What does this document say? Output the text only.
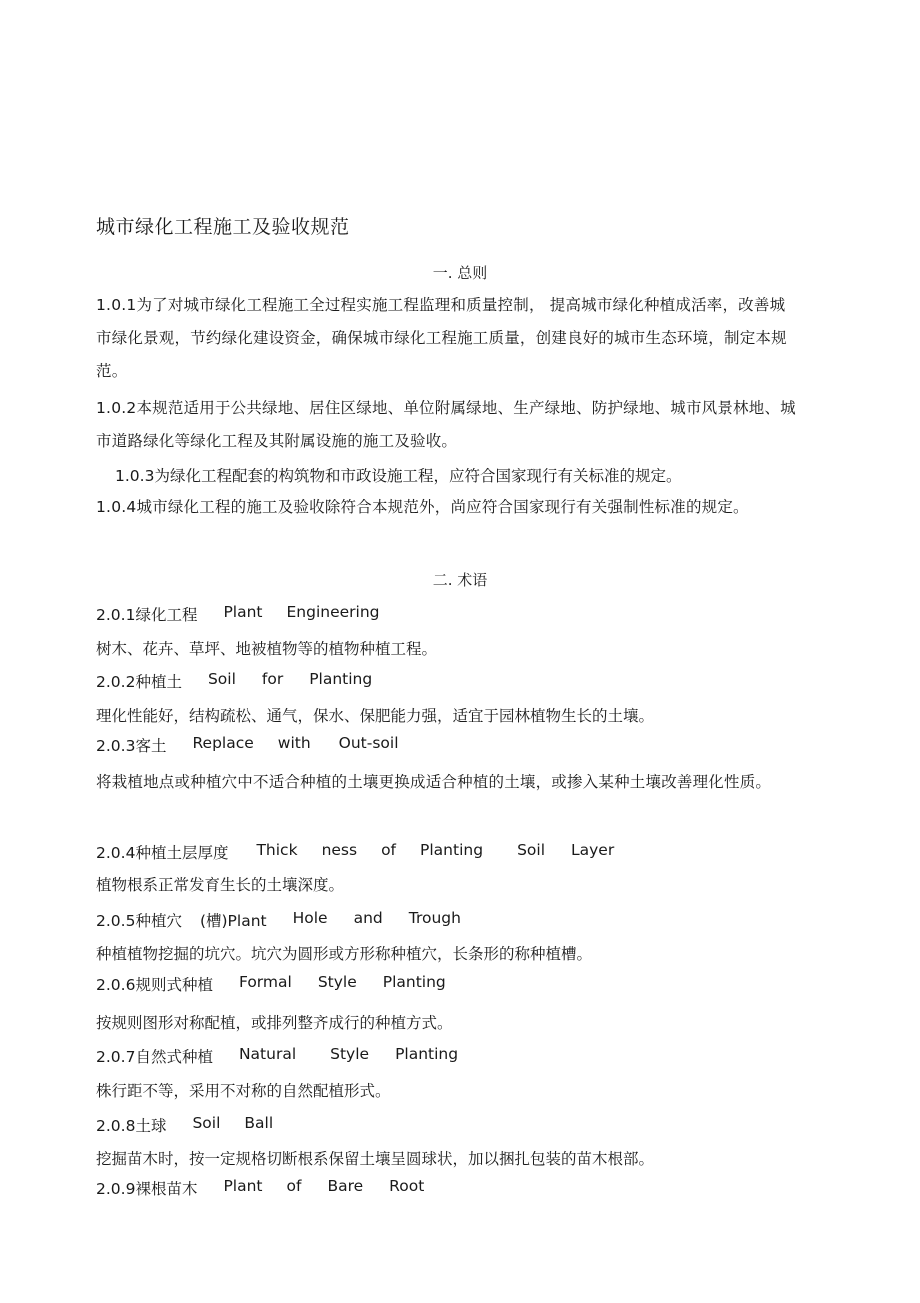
城市绿化工程施工及验收规范
一. 总则
1.0.1为了对城市绿化工程施工全过程实施工程监理和质量控制， 提高城市绿化种植成活率，改善城市绿化景观，节约绿化建设资金，确保城市绿化工程施工质量，创建良好的城市生态环境，制定本规范。
1.0.2本规范适用于公共绿地、居住区绿地、单位附属绿地、生产绿地、防护绿地、城市风景林地、城市道路绿化等绿化工程及其附属设施的施工及验收。
1.0.3为绿化工程配套的构筑物和市政设施工程，应符合国家现行有关标准的规定。
1.0.4城市绿化工程的施工及验收除符合本规范外，尚应符合国家现行有关强制性标准的规定。
二. 术语
2.0.1绿化工程 Plant Engineering
树木、花卉、草坪、地被植物等的植物种植工程。
2.0.2种植土 Soil for Planting
理化性能好，结构疏松、通气，保水、保肥能力强，适宜于园林植物生长的土壤。
2.0.3客土 Replace with Out-soil
将栽植地点或种植穴中不适合种植的土壤更换成适合种植的土壤，或掺入某种土壤改善理化性质。
2.0.4种植土层厚度 Thick ness of Planting Soil Layer
植物根系正常发育生长的土壤深度。
2.0.5种植穴 (槽)Plant Hole and Trough
种植植物挖掘的坑穴。坑穴为圆形或方形称种植穴，长条形的称种植槽。
2.0.6规则式种植 Formal Style Planting
按规则图形对称配植，或排列整齐成行的种植方式。
2.0.7自然式种植 Natural Style Planting
株行距不等，采用不对称的自然配植形式。
2.0.8土球 Soil Ball
挖掘苗木时，按一定规格切断根系保留土壤呈圆球状，加以捆扎包装的苗木根部。
2.0.9裸根苗木 Plant of Bare Root
